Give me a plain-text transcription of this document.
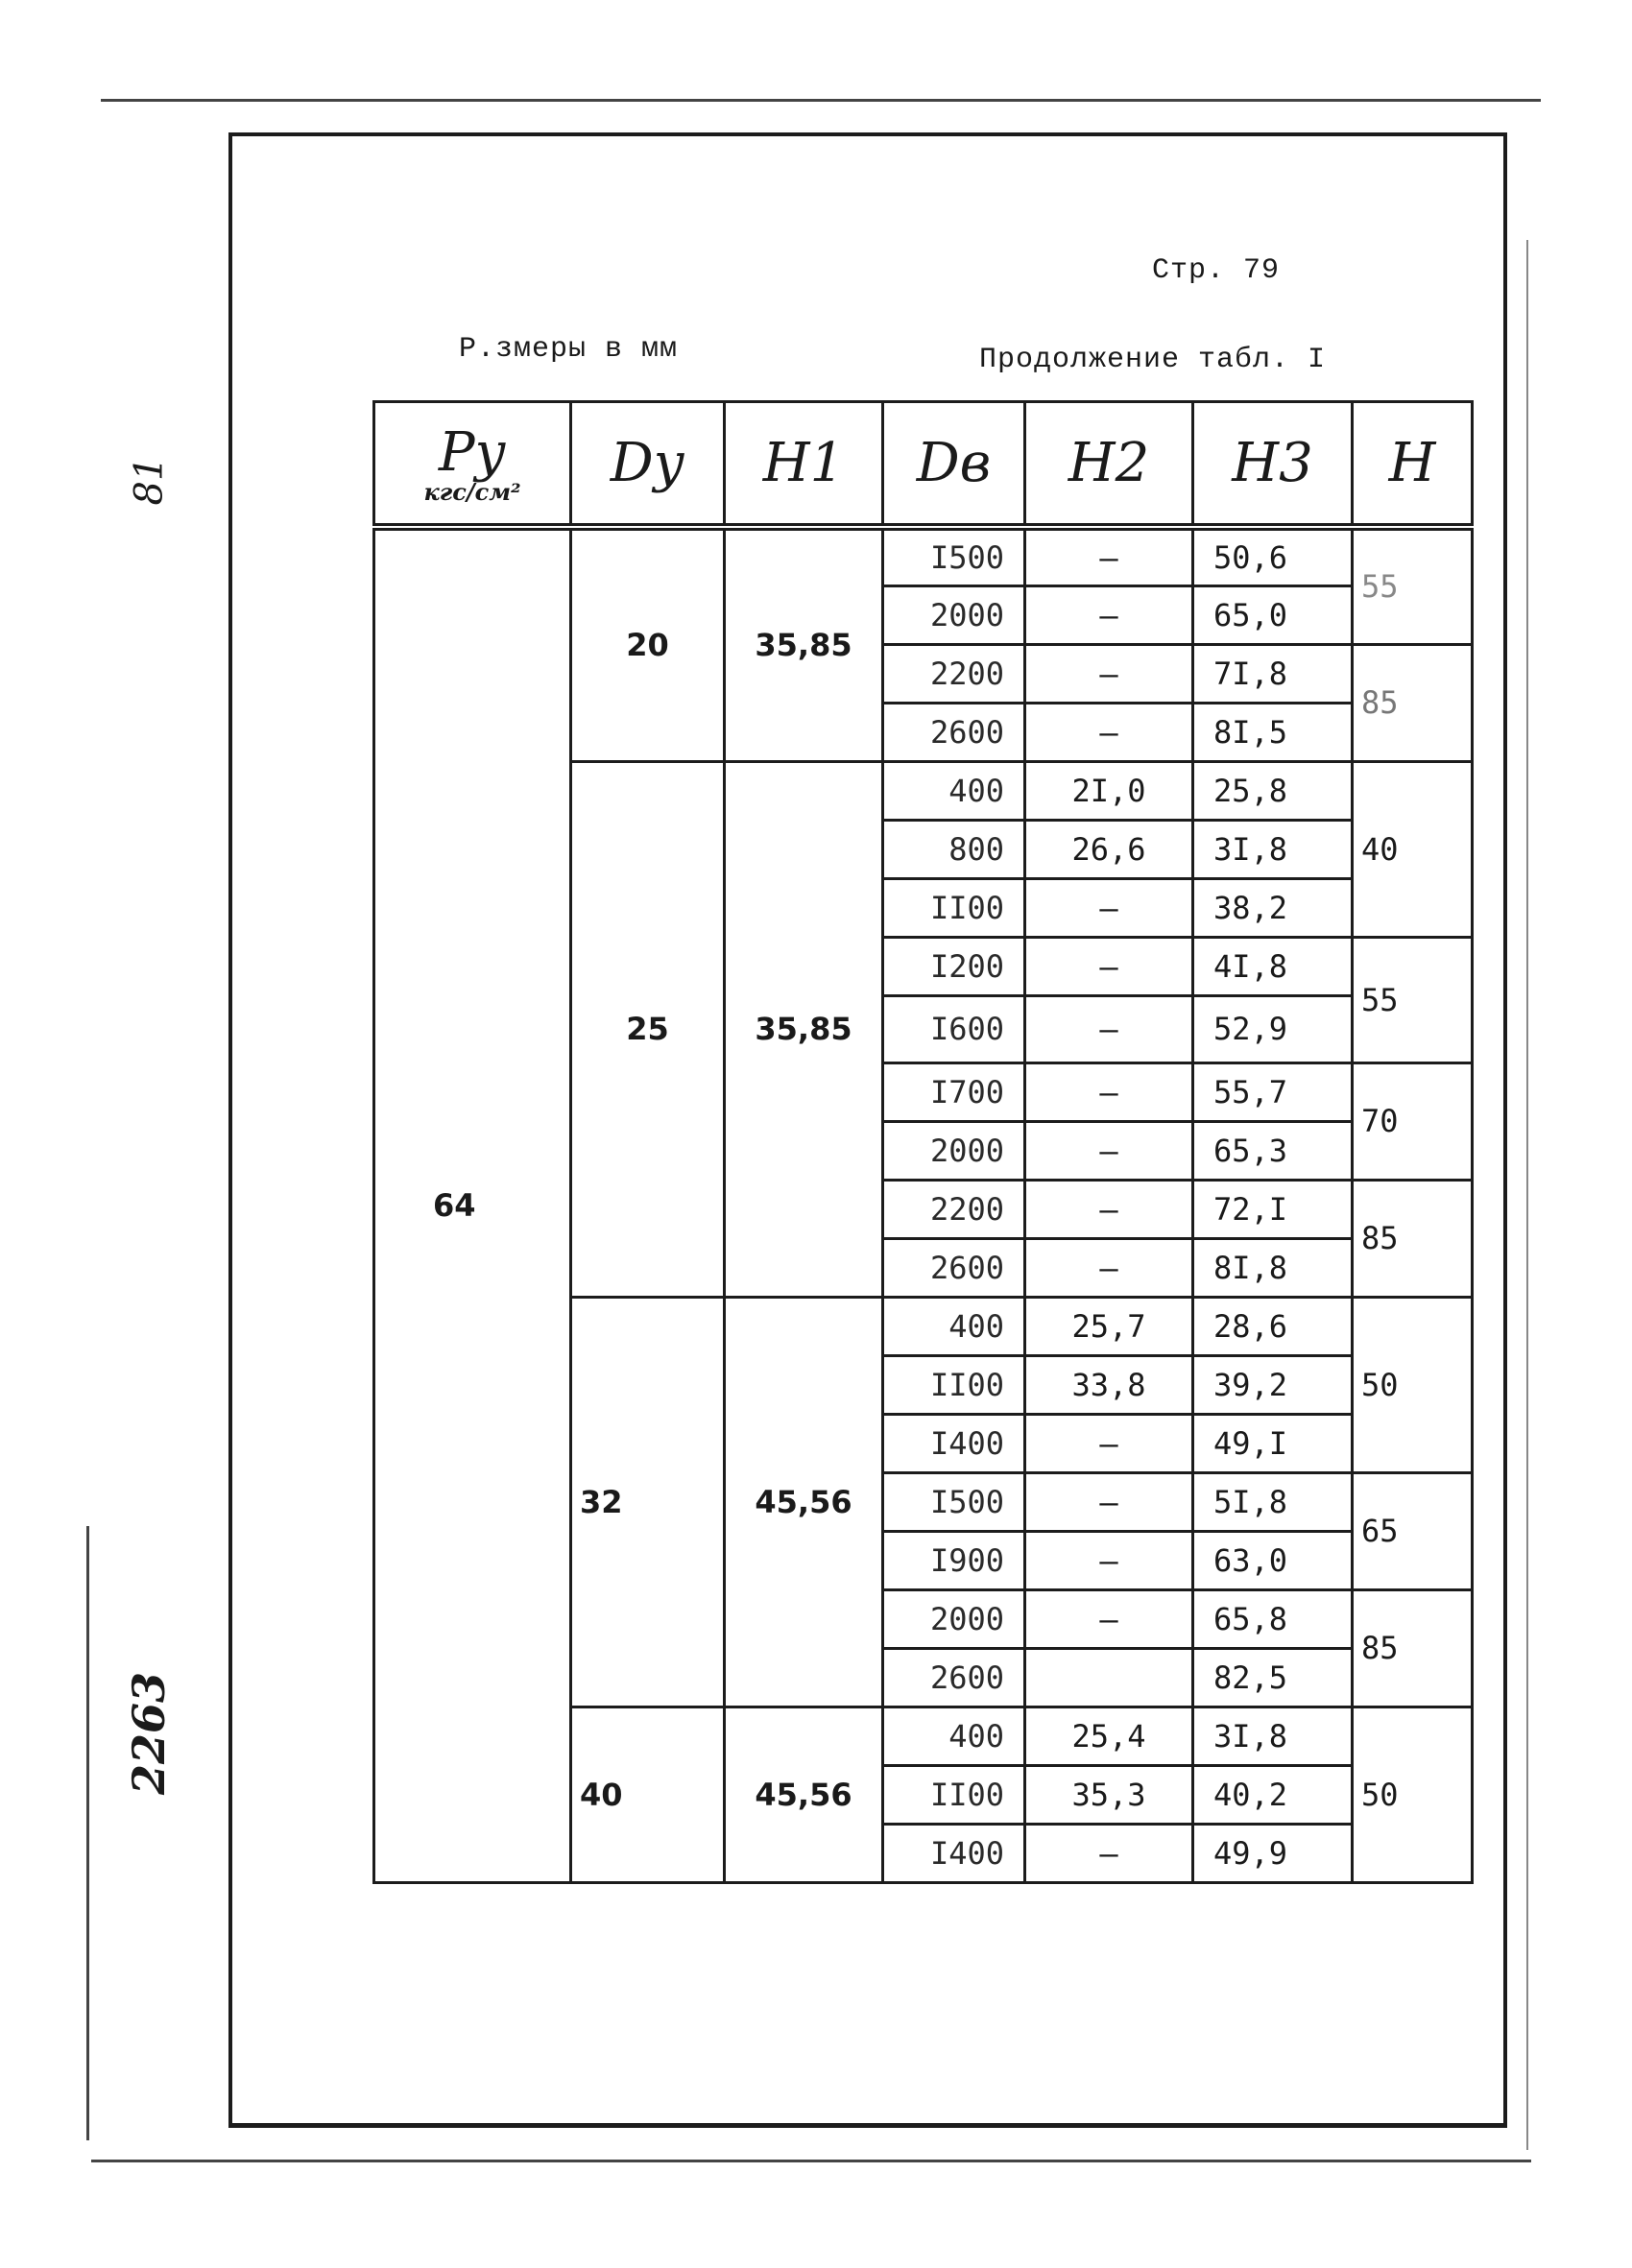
81
2263
Стр. 79
Р.змеры в мм	Продолжение табл. I
Pу
кгс/см²	Dу	H1	Dв	H2	H3	H
64	20	35,85	I500	–	50,6	55
			2000	–	65,0	
			2200	–	7I,8	85
			2600	–	8I,5	
	25	35,85	400	2I,0	25,8	40
			800	26,6	3I,8	
			II00	–	38,2	
			I200	–	4I,8	55
			I600	–	52,9	
			I700	–	55,7	70
			2000	–	65,3	
			2200	–	72,I	85
			2600	–	8I,8	
	32	45,56	400	25,7	28,6	50
			II00	33,8	39,2	
			I400	–	49,I	
			I500	–	5I,8	65
			I900	–	63,0	
			2000	–	65,8	85
			2600		82,5	
	40	45,56	400	25,4	3I,8	50
			II00	35,3	40,2	
			I400	–	49,9	
